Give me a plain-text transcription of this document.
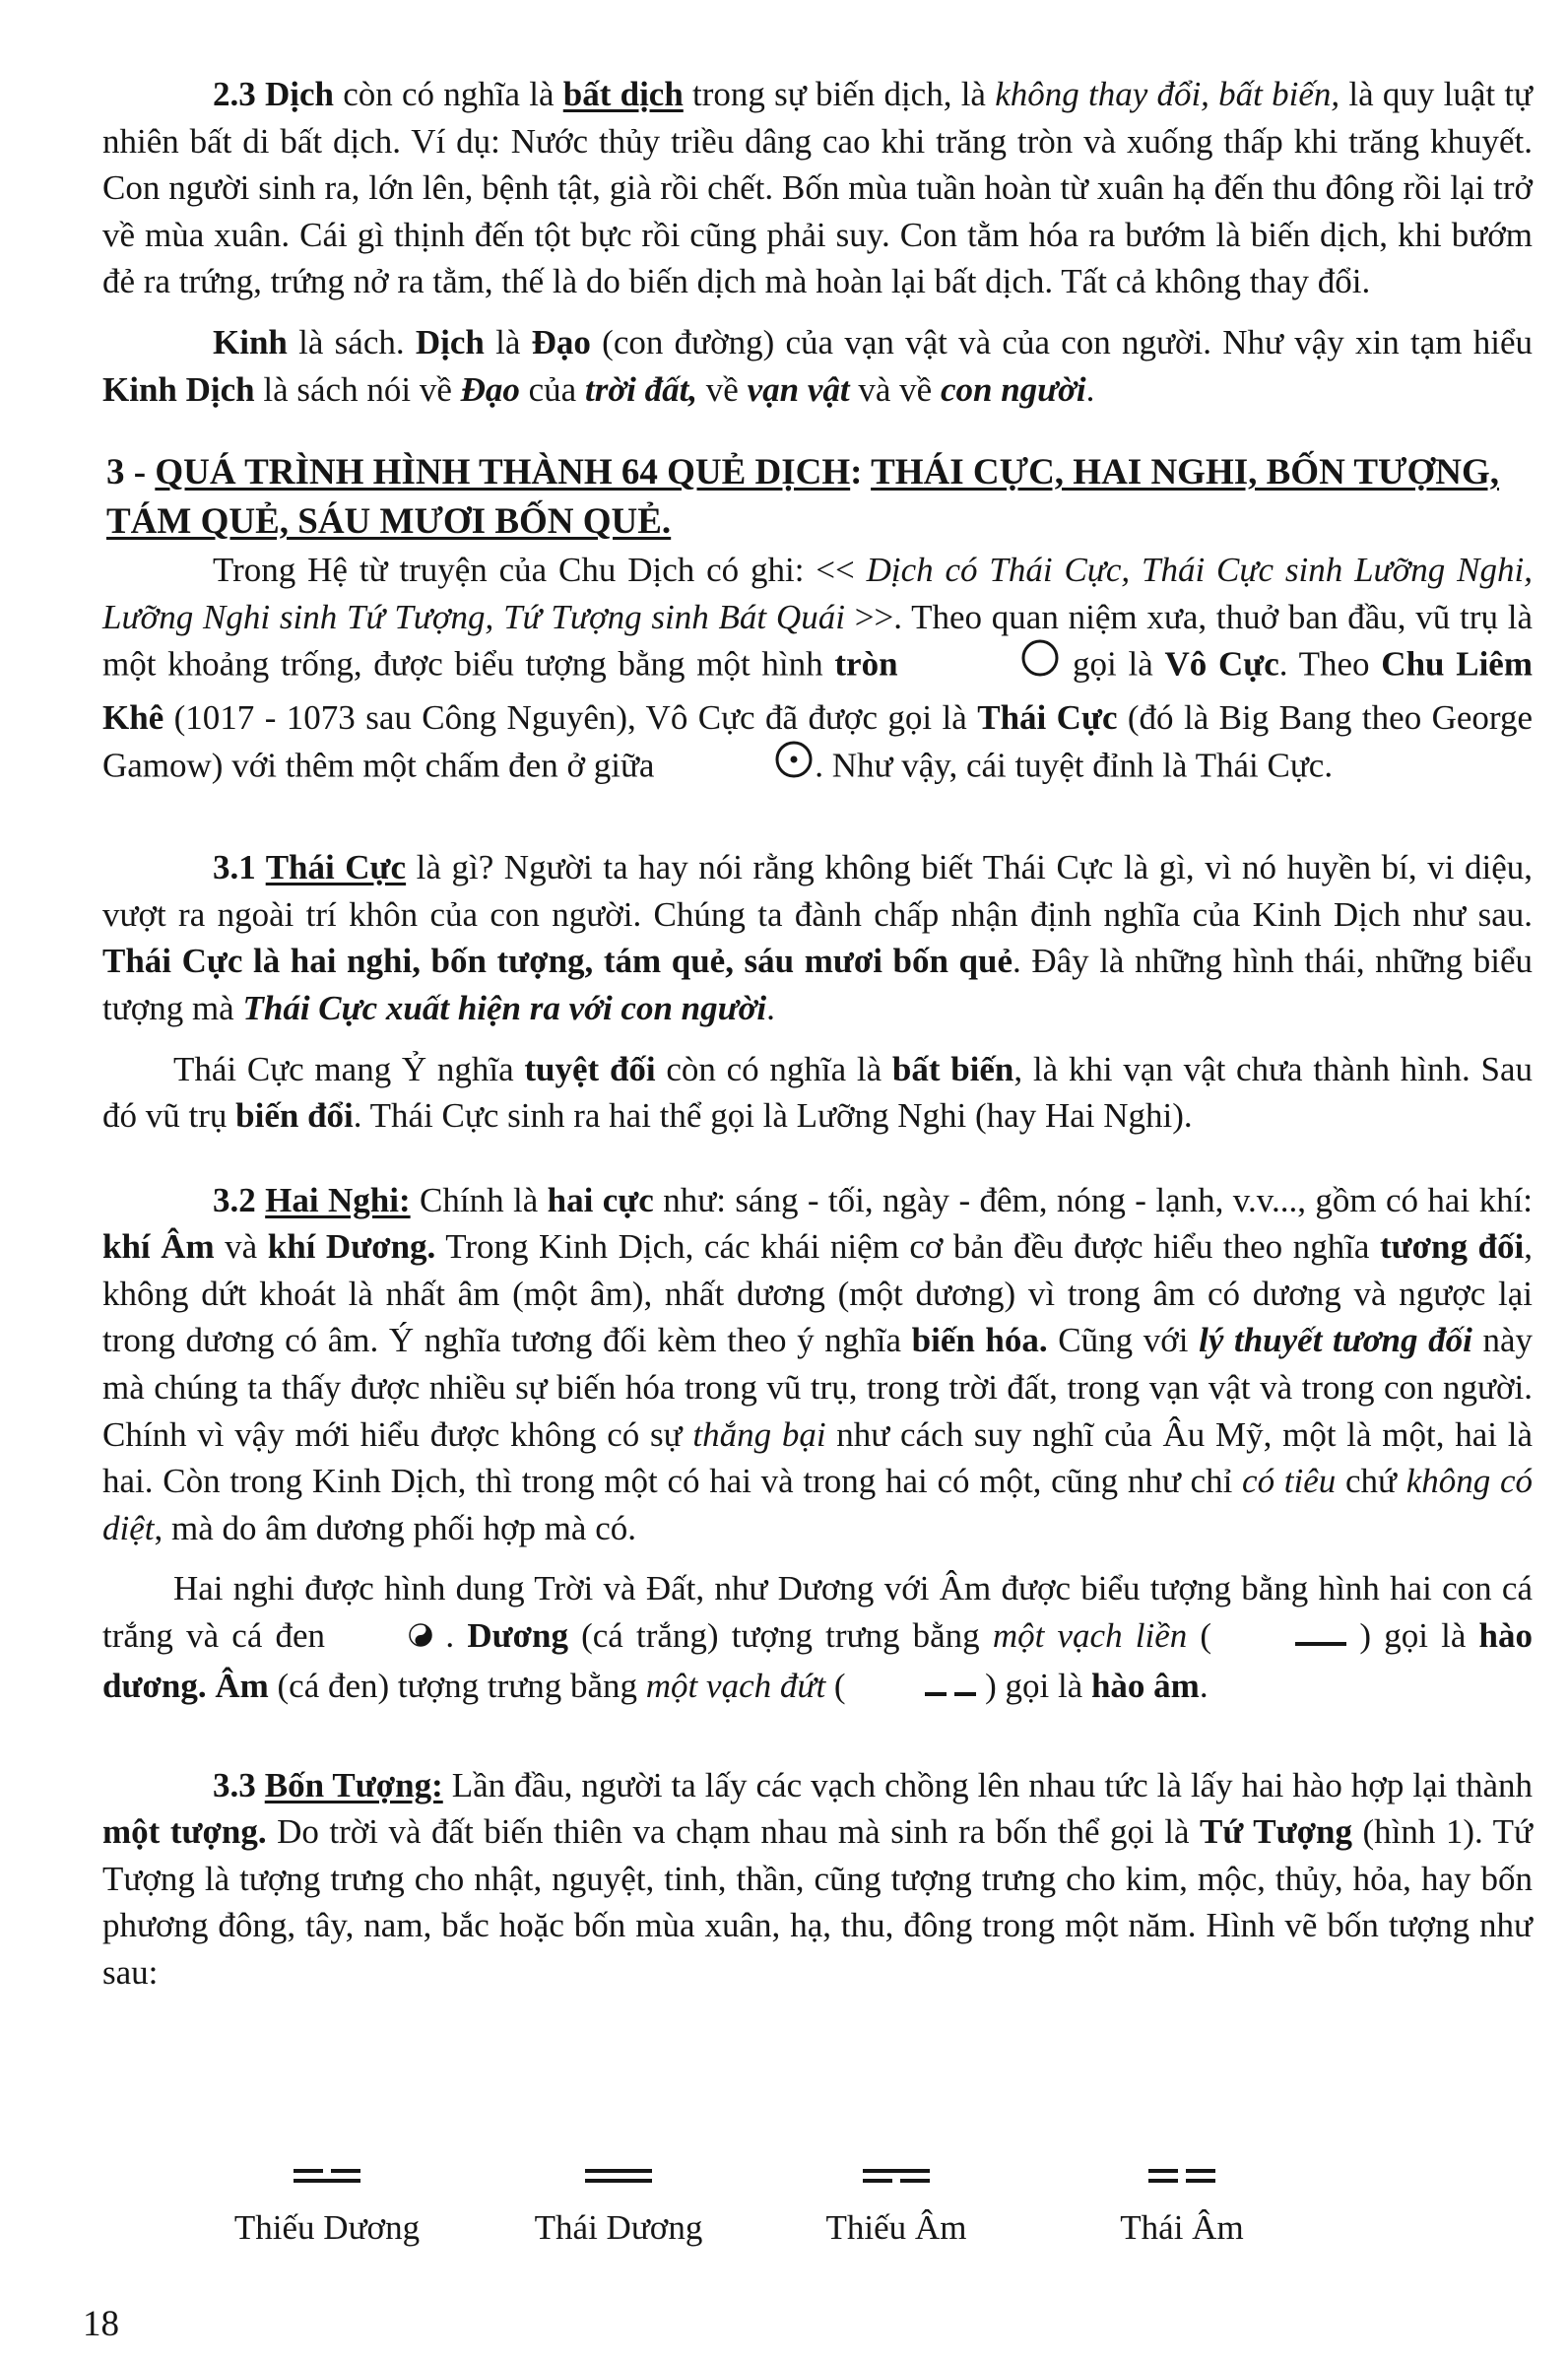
2.3 Dịch còn có nghĩa là bất dịch trong sự biến dịch, là không thay đổi, bất biến, là quy luật tự nhiên bất di bất dịch. Ví dụ: Nước thủy triều dâng cao khi trăng tròn và xuống thấp khi trăng khuyết. Con người sinh ra, lớn lên, bệnh tật, già rồi chết. Bốn mùa tuần hoàn từ xuân hạ đến thu đông rồi lại trở về mùa xuân. Cái gì thịnh đến tột bực rồi cũng phải suy. Con tằm hóa ra bướm là biến dịch, khi bướm đẻ ra trứng, trứng nở ra tằm, thế là do biến dịch mà hoàn lại bất dịch. Tất cả không thay đổi.

Kinh là sách. Dịch là Đạo (con đường) của vạn vật và của con người. Như vậy xin tạm hiểu Kinh Dịch là sách nói về Đạo của trời đất, về vạn vật và về con người.

3 - QUÁ TRÌNH HÌNH THÀNH 64 QUẺ DỊCH: THÁI CỰC, HAI NGHI, BỐN TƯỢNG, TÁM QUẺ, SÁU MƯƠI BỐN QUẺ.

Trong Hệ từ truyện của Chu Dịch có ghi: << Dịch có Thái Cực, Thái Cực sinh Lưỡng Nghi, Lưỡng Nghi sinh Tứ Tượng, Tứ Tượng sinh Bát Quái >>. Theo quan niệm xưa, thuở ban đầu, vũ trụ là một khoảng trống, được biểu tượng bằng một hình tròn	gọi là Vô Cực. Theo Chu Liêm Khê (1017 - 1073 sau Công Nguyên), Vô Cực đã được gọi là Thái Cực (đó là Big Bang theo George Gamow) với thêm một chấm đen ở giữa	. Như vậy, cái tuyệt đỉnh là Thái Cực.

3.1 Thái Cực là gì? Người ta hay nói rằng không biết Thái Cực là gì, vì nó huyền bí, vi diệu, vượt ra ngoài trí khôn của con người. Chúng ta đành chấp nhận định nghĩa của Kinh Dịch như sau. Thái Cực là hai nghi, bốn tượng, tám quẻ, sáu mươi bốn quẻ. Đây là những hình thái, những biểu tượng mà Thái Cực xuất hiện ra với con người.

Thái Cực mang Ỷ nghĩa tuyệt đối còn có nghĩa là bất biến, là khi vạn vật chưa thành hình. Sau đó vũ trụ biến đổi. Thái Cực sinh ra hai thể gọi là Lưỡng Nghi (hay Hai Nghi).

3.2 Hai Nghi: Chính là hai cực như: sáng - tối, ngày - đêm, nóng - lạnh, v.v..., gồm có hai khí: khí Âm và khí Dương. Trong Kinh Dịch, các khái niệm cơ bản đều được hiểu theo nghĩa tương đối, không dứt khoát là nhất âm (một âm), nhất dương (một dương) vì trong âm có dương và ngược lại trong dương có âm. Ý nghĩa tương đối kèm theo ý nghĩa biến hóa. Cũng với lý thuyết tương đối này mà chúng ta thấy được nhiều sự biến hóa trong vũ trụ, trong trời đất, trong vạn vật và trong con người. Chính vì vậy mới hiểu được không có sự thắng bại như cách suy nghĩ của Âu Mỹ, một là một, hai là hai. Còn trong Kinh Dịch, thì trong một có hai và trong hai có một, cũng như chỉ có tiêu chứ không có diệt, mà do âm dương phối hợp mà có.

Hai nghi được hình dung Trời và Đất, như Dương với Âm được biểu tượng bằng hình hai con cá trắng và cá đen	. Dương (cá trắng) tượng trưng bằng một vạch liền (	) gọi là hào dương. Âm (cá đen) tượng trưng bằng một vạch đứt (	) gọi là hào âm.

3.3 Bốn Tượng: Lần đầu, người ta lấy các vạch chồng lên nhau tức là lấy hai hào hợp lại thành một tượng. Do trời và đất biến thiên va chạm nhau mà sinh ra bốn thể gọi là Tứ Tượng (hình 1). Tứ Tượng là tượng trưng cho nhật, nguyệt, tinh, thần, cũng tượng trưng cho kim, mộc, thủy, hỏa, hay bốn phương đông, tây, nam, bắc hoặc bốn mùa xuân, hạ, thu, đông trong một năm. Hình vẽ bốn tượng như sau:

Thiếu Dương	Thái Dương	Thiếu Âm	Thái Âm
18
